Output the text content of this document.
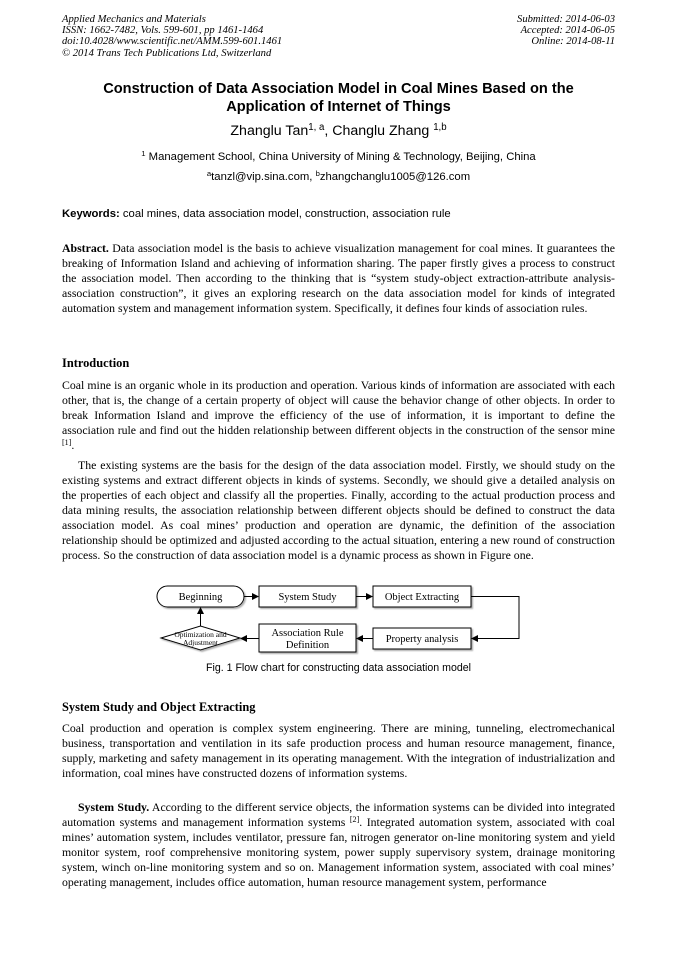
Applied Mechanics and Materials
ISSN: 1662-7482, Vols. 599-601, pp 1461-1464
doi:10.4028/www.scientific.net/AMM.599-601.1461
© 2014 Trans Tech Publications Ltd, Switzerland
Submitted: 2014-06-03
Accepted: 2014-06-05
Online: 2014-08-11
Construction of Data Association Model in Coal Mines Based on the
Application of Internet of Things
Zhanglu Tan$^{1, a}$, Changlu Zhang $^{1,b}$
$^1$ Management School, China University of Mining & Technology, Beijing, China
$^a$tanzl@vip.sina.com, $^b$zhangchanglu1005@126.com
Keywords: coal mines, data association model, construction, association rule
Abstract. Data association model is the basis to achieve visualization management for coal mines. It guarantees the breaking of Information Island and achieving of information sharing. The paper firstly gives a process to construct the association model. Then according to the thinking that is “system study-object extraction-attribute analysis-association construction”, it gives an exploring research on the data association model for kinds of integrated automation system and management information system. Specifically, it defines four kinds of association rules.
Introduction
Coal mine is an organic whole in its production and operation. Various kinds of information are associated with each other, that is, the change of a certain property of object will cause the behavior change of other objects. In order to break Information Island and improve the efficiency of the use of information, it is important to define the association rule and find out the hidden relationship between different objects in the construction of the sensor mine [1].
The existing systems are the basis for the design of the data association model. Firstly, we should study on the existing systems and extract different objects in kinds of systems. Secondly, we should give a detailed analysis on the properties of each object and classify all the properties. Finally, according to the actual production process and data mining results, the association relationship between different objects should be defined to construct the data association model. As coal mines’ production and operation are dynamic, the definition of the association relationship should be optimized and adjusted according to the actual situation, entering a new round of construction process. So the construction of data association model is a dynamic process as shown in Figure one.
Beginning	System Study	Object Extracting
Optimization and
Adjustment
Association Rule
Definition
Property analysis
Fig. 1 Flow chart for constructing data association model
System Study and Object Extracting
Coal production and operation is complex system engineering. There are mining, tunneling, electromechanical business, transportation and ventilation in its safe production process and human resource management, finance, supply, marketing and safety management in its operating management. With the integration of industrialization and information, coal mines have constructed dozens of information systems.
System Study. According to the different service objects, the information systems can be divided into integrated automation systems and management information systems [2]. Integrated automation system, associated with coal mines’ automation system, includes ventilator, pressure fan, nitrogen generator on-line monitoring system and yield monitor system, roof comprehensive monitoring system, power supply supervisory system, drainage monitoring system, winch on-line monitoring system and so on. Management information system, associated with coal mines’ operating management, includes office automation, human resource management system, performance
